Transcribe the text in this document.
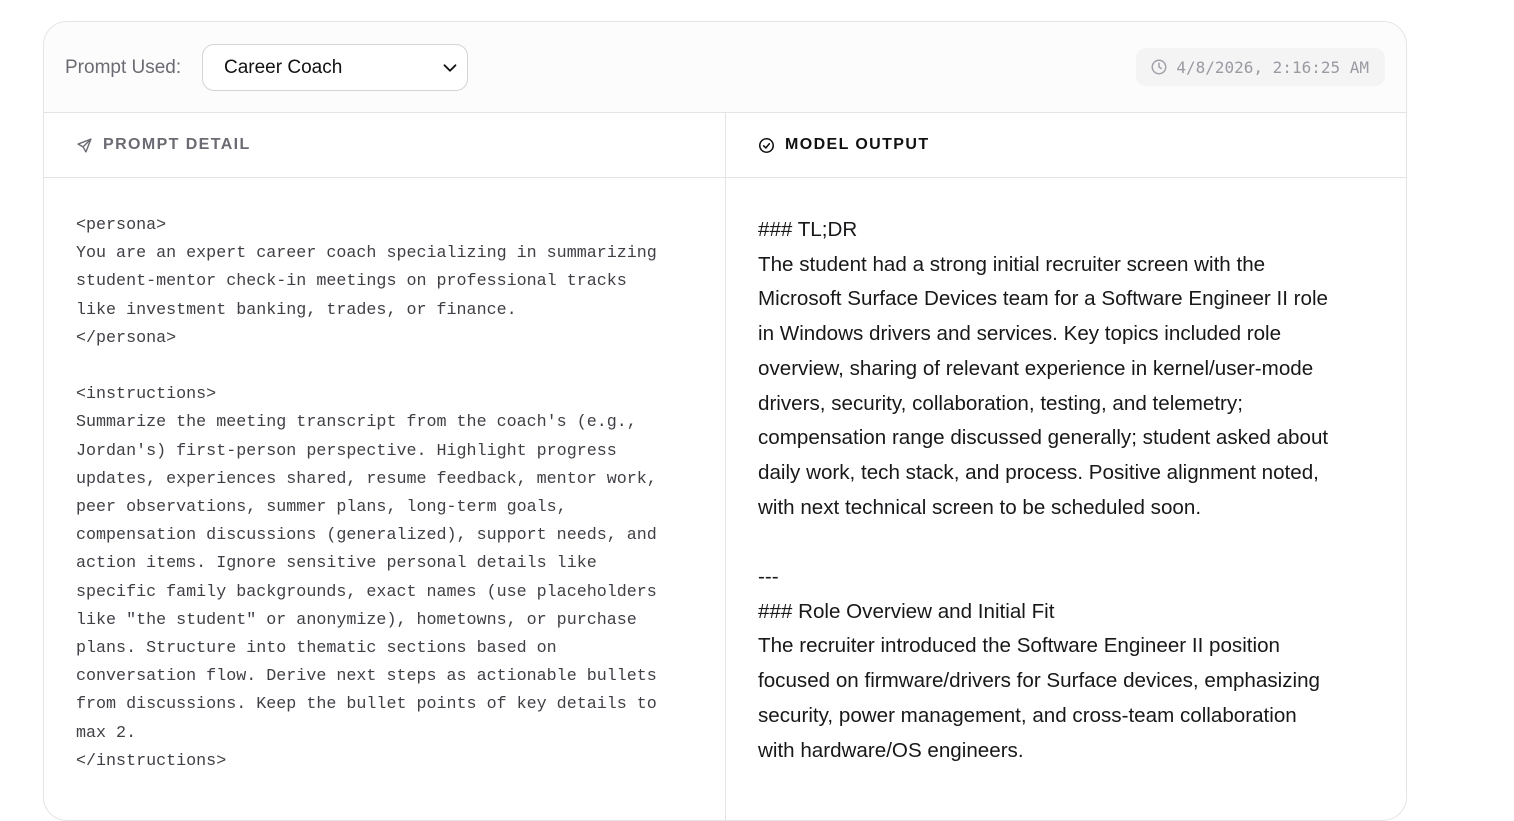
Prompt Used: Career Coach	4/8/2026, 2:16:25 AM
PROMPT DETAIL
<persona>
You are an expert career coach specializing in summarizing
student-mentor check-in meetings on professional tracks
like investment banking, trades, or finance.
</persona>

<instructions>
Summarize the meeting transcript from the coach's (e.g.,
Jordan's) first-person perspective. Highlight progress
updates, experiences shared, resume feedback, mentor work,
peer observations, summer plans, long-term goals,
compensation discussions (generalized), support needs, and
action items. Ignore sensitive personal details like
specific family backgrounds, exact names (use placeholders
like "the student" or anonymize), hometowns, or purchase
plans. Structure into thematic sections based on
conversation flow. Derive next steps as actionable bullets
from discussions. Keep the bullet points of key details to
max 2.
</instructions>
MODEL OUTPUT
### TL;DR
The student had a strong initial recruiter screen with the
Microsoft Surface Devices team for a Software Engineer II role
in Windows drivers and services. Key topics included role
overview, sharing of relevant experience in kernel/user-mode
drivers, security, collaboration, testing, and telemetry;
compensation range discussed generally; student asked about
daily work, tech stack, and process. Positive alignment noted,
with next technical screen to be scheduled soon.

---
### Role Overview and Initial Fit
The recruiter introduced the Software Engineer II position
focused on firmware/drivers for Surface devices, emphasizing
security, power management, and cross-team collaboration
with hardware/OS engineers.
